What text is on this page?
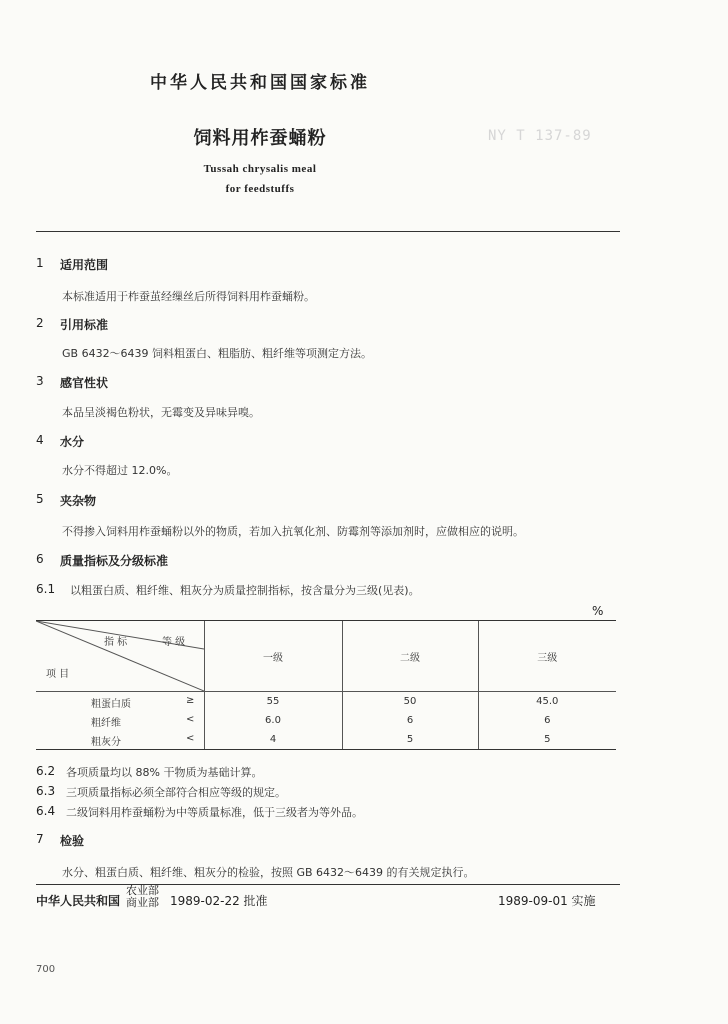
中华人民共和国国家标准
饲料用柞蚕蛹粉	NY T 137-89
Tussah chrysalis meal
for feedstuffs
1 适用范围
本标准适用于柞蚕茧经缫丝后所得饲料用柞蚕蛹粉。
2 引用标准
GB 6432～6439 饲料粗蛋白、粗脂肪、粗纤维等项测定方法。
3 感官性状
本品呈淡褐色粉状，无霉变及异味异嗅。
4 水分
水分不得超过 12.0%。
5 夹杂物
不得掺入饲料用柞蚕蛹粉以外的物质，若加入抗氧化剂、防霉剂等添加剂时，应做相应的说明。
6 质量指标及分级标准
6.1 以粗蛋白质、粗纤维、粗灰分为质量控制指标，按含量分为三级(见表)。
%
指 标 等 级
项 目	一级	二级	三级

粗蛋白质 ≥	55	50	45.0

粗纤维 <	6.0	6	6

粗灰分 <	4	5	5
6.2 各项质量均以 88% 干物质为基础计算。
6.3 三项质量指标必须全部符合相应等级的规定。
6.4 二级饲料用柞蚕蛹粉为中等质量标准，低于三级者为等外品。
7 检验
水分、粗蛋白质、粗纤维、粗灰分的检验，按照 GB 6432～6439 的有关规定执行。
中华人民共和国
农业部
商业部 1989-02-22 批准	1989-09-01 实施
700
